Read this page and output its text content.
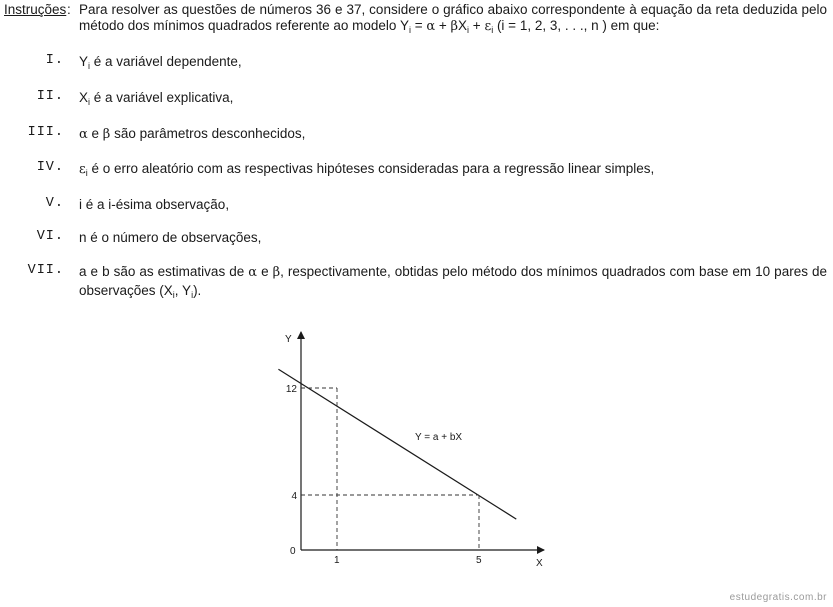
Instruções : Para resolver as questões de números 36 e 37, considere o gráfico abaixo correspondente à equação da reta deduzida pelo método dos mínimos quadrados referente ao modelo $Y_i = \alpha + \beta X_i + \varepsilon_i$ (i = 1, 2, 3, . . ., n ) em que:
I. $Y_i$ é a variável dependente,
II. $X_i$ é a variável explicativa,
III. α e β são parâmetros desconhecidos,
IV. $\varepsilon_i$ é o erro aleatório com as respectivas hipóteses consideradas para a regressão linear simples,
V. i é a i-ésima observação,
VI. n é o número de observações,
VII. a e b são as estimativas de α e β, respectivamente, obtidas pelo método dos mínimos quadrados com base em 10 pares de observações ($X_i$, $Y_i$).
Y
X
0
1
12
5
4
Y = a + bX
estudegratis.com.br
